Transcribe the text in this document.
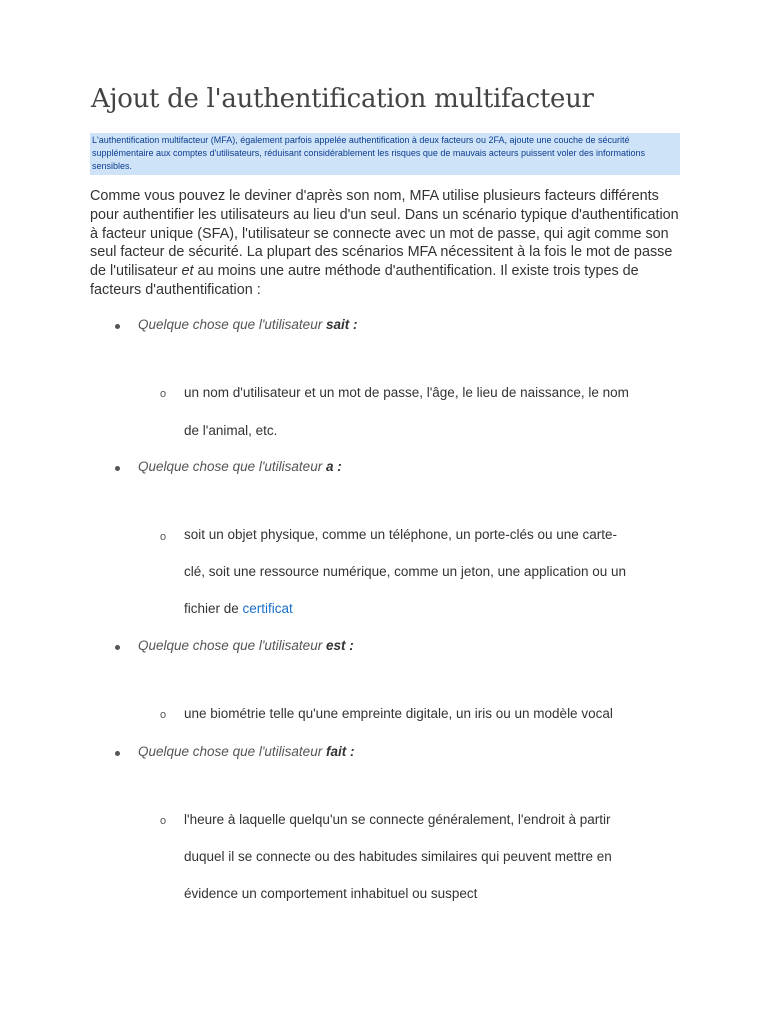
Ajout de l'authentification multifacteur
L'authentification multifacteur (MFA), également parfois appelée authentification à deux facteurs ou 2FA, ajoute une couche de sécurité supplémentaire aux comptes d'utilisateurs, réduisant considérablement les risques que de mauvais acteurs puissent voler des informations sensibles.

Comme vous pouvez le deviner d'après son nom, MFA utilise plusieurs facteurs différents pour authentifier les utilisateurs au lieu d'un seul. Dans un scénario typique d'authentification à facteur unique (SFA), l'utilisateur se connecte avec un mot de passe, qui agit comme son seul facteur de sécurité. La plupart des scénarios MFA nécessitent à la fois le mot de passe de l'utilisateur et au moins une autre méthode d'authentification. Il existe trois types de facteurs d'authentification :

Quelque chose que l'utilisateur sait :
o un nom d'utilisateur et un mot de passe, l'âge, le lieu de naissance, le nom
de l'animal, etc.
Quelque chose que l'utilisateur a :
o soit un objet physique, comme un téléphone, un porte-clés ou une carte-
clé, soit une ressource numérique, comme un jeton, une application ou un
fichier de certificat
Quelque chose que l'utilisateur est :
o une biométrie telle qu'une empreinte digitale, un iris ou un modèle vocal
Quelque chose que l'utilisateur fait :
o l'heure à laquelle quelqu'un se connecte généralement, l'endroit à partir
duquel il se connecte ou des habitudes similaires qui peuvent mettre en
évidence un comportement inhabituel ou suspect
